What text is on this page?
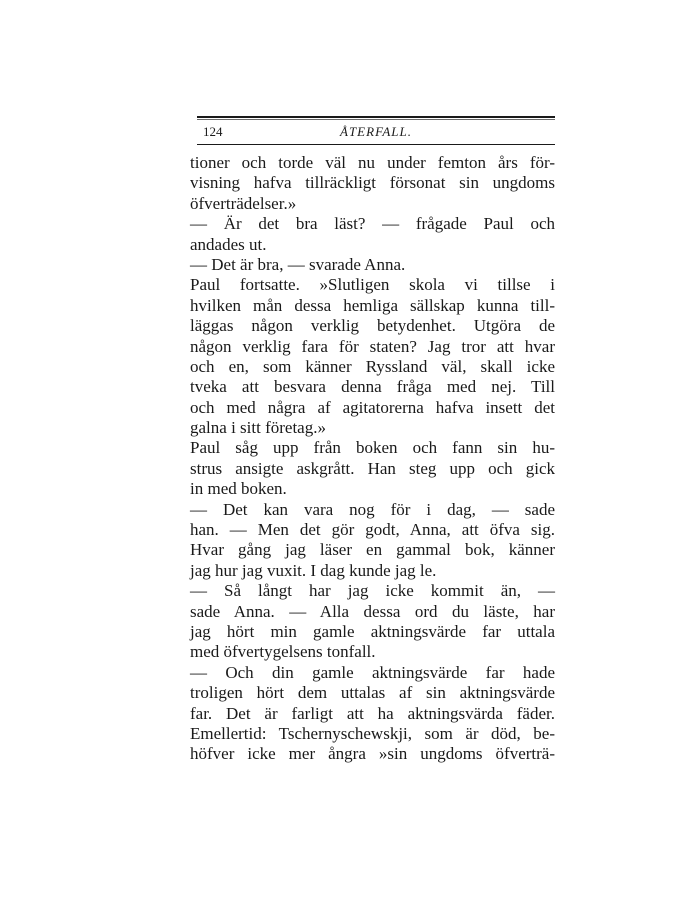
124	ÅTERFALL.
tioner och torde väl nu under femton års för-
visning hafva tillräckligt försonat sin ungdoms
öfverträdelser.»
— Är det bra läst? — frågade Paul och
andades ut.
— Det är bra, — svarade Anna.
Paul fortsatte. »Slutligen skola vi tillse i
hvilken mån dessa hemliga sällskap kunna till-
läggas någon verklig betydenhet. Utgöra de
någon verklig fara för staten? Jag tror att hvar
och en, som känner Ryssland väl, skall icke
tveka att besvara denna fråga med nej. Till
och med några af agitatorerna hafva insett det
galna i sitt företag.»
Paul såg upp från boken och fann sin hu-
strus ansigte askgrått. Han steg upp och gick
in med boken.
— Det kan vara nog för i dag, — sade
han. — Men det gör godt, Anna, att öfva sig.
Hvar gång jag läser en gammal bok, känner
jag hur jag vuxit. I dag kunde jag le.
— Så långt har jag icke kommit än, —
sade Anna. — Alla dessa ord du läste, har
jag hört min gamle aktningsvärde far uttala
med öfvertygelsens tonfall.
— Och din gamle aktningsvärde far hade
troligen hört dem uttalas af sin aktningsvärde
far. Det är farligt att ha aktningsvärda fäder.
Emellertid: Tschernyschewskji, som är död, be-
höfver icke mer ångra »sin ungdoms öfverträ-
